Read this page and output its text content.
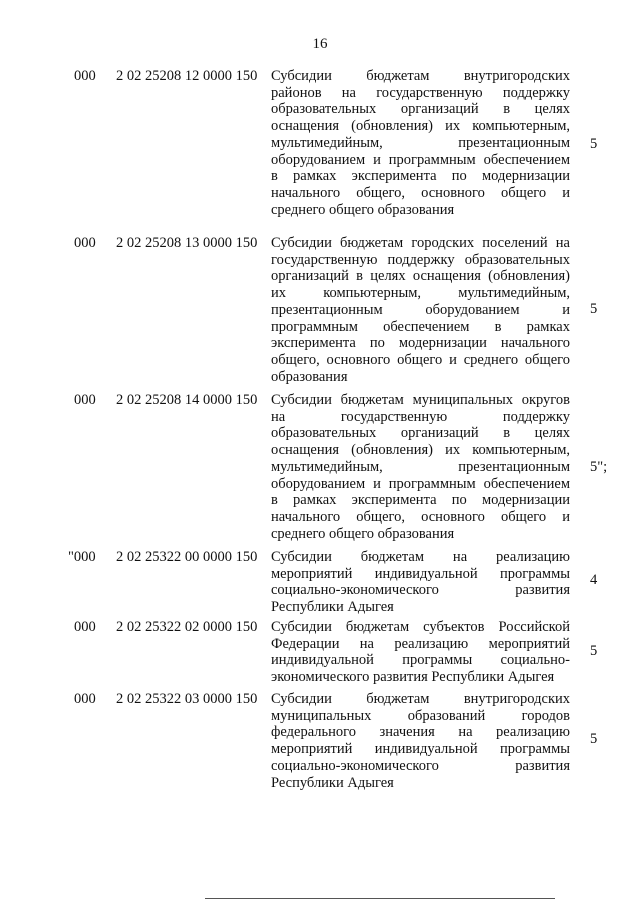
16
000 2 02 25208 12 0000 150 Субсидии бюджетам внутригородских
районов на государственную поддержку
образовательных организаций в целях
оснащения (обновления) их компьютерным,
мультимедийным, презентационным
оборудованием и программным обеспечением
в рамках эксперимента по модернизации
начального общего, основного общего и
среднего общего образования
5
000 2 02 25208 13 0000 150 Субсидии бюджетам городских поселений на
государственную поддержку образовательных
организаций в целях оснащения (обновления)
их компьютерным, мультимедийным,
презентационным оборудованием и
программным обеспечением в рамках
эксперимента по модернизации начального
общего, основного общего и среднего общего
образования
5
000 2 02 25208 14 0000 150 Субсидии бюджетам муниципальных округов
на государственную поддержку
образовательных организаций в целях
оснащения (обновления) их компьютерным,
мультимедийным, презентационным
оборудованием и программным обеспечением
в рамках эксперимента по модернизации
начального общего, основного общего и
среднего общего образования
5";
"000 2 02 25322 00 0000 150 Субсидии бюджетам на реализацию
мероприятий индивидуальной программы
социально-экономического развития
Республики Адыгея
4
000 2 02 25322 02 0000 150 Субсидии бюджетам субъектов Российской
Федерации на реализацию мероприятий
индивидуальной программы социально-
экономического развития Республики Адыгея
5
000 2 02 25322 03 0000 150 Субсидии бюджетам внутригородских
муниципальных образований городов
федерального значения на реализацию
мероприятий индивидуальной программы
социально-экономического развития
Республики Адыгея
5
